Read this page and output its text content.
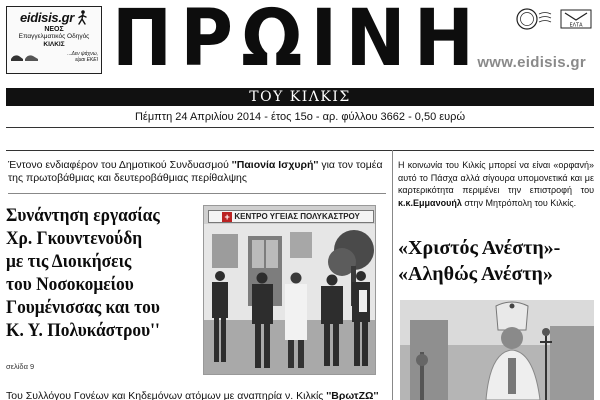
eidisis.gr
ΝΕΟΣ
Επαγγελματικός Οδηγός
ΚΙΛΚΙΣ
...Δεν ψάχνω,
είμαι ΕΚΕΙ ΠΡΩΙΝΗ	ΕΛΤΑ
www.eidisis.gr
ΤΟΥ ΚΙΛΚΙΣ
Πέμπτη 24 Απριλίου 2014 - έτος 15ο - αρ. φύλλου 3662 - 0,50 ευρώ
Έντονο ενδιαφέρον του Δημοτικού Συνδυασμού ''Παιονία Ισχυρή'' για τον τομέα της πρωτοβάθμιας και δευτεροβάθμιας περίθαλψης
Συνάντηση εργασίας
Χρ. Γκουντενούδη
με τις Διοικήσεις
του Νοσοκομείου
Γουμένισσας και του
Κ. Υ. Πολυκάστρου''
σελίδα 9
+ ΚΕΝΤΡΟ ΥΓΕΙΑΣ ΠΟΛΥΚΑΣΤΡΟΥ
Του Συλλόγου Γονέων και Κηδεμόνων ατόμων με αναπηρία ν. Κιλκίς ''ΒρωτΖΩ''
Η κοινωνία του Κιλκίς μπορεί να είναι «ορφανή» αυτό το Πάσχα αλλά σίγουρα υπομονετικά και με καρτερικότητα περιμένει την επιστροφή του κ.κ.Εμμανουήλ στην Μητρόπολη του Κιλκίς.
«Χριστός Ανέστη»-
«Αληθώς Ανέστη»
